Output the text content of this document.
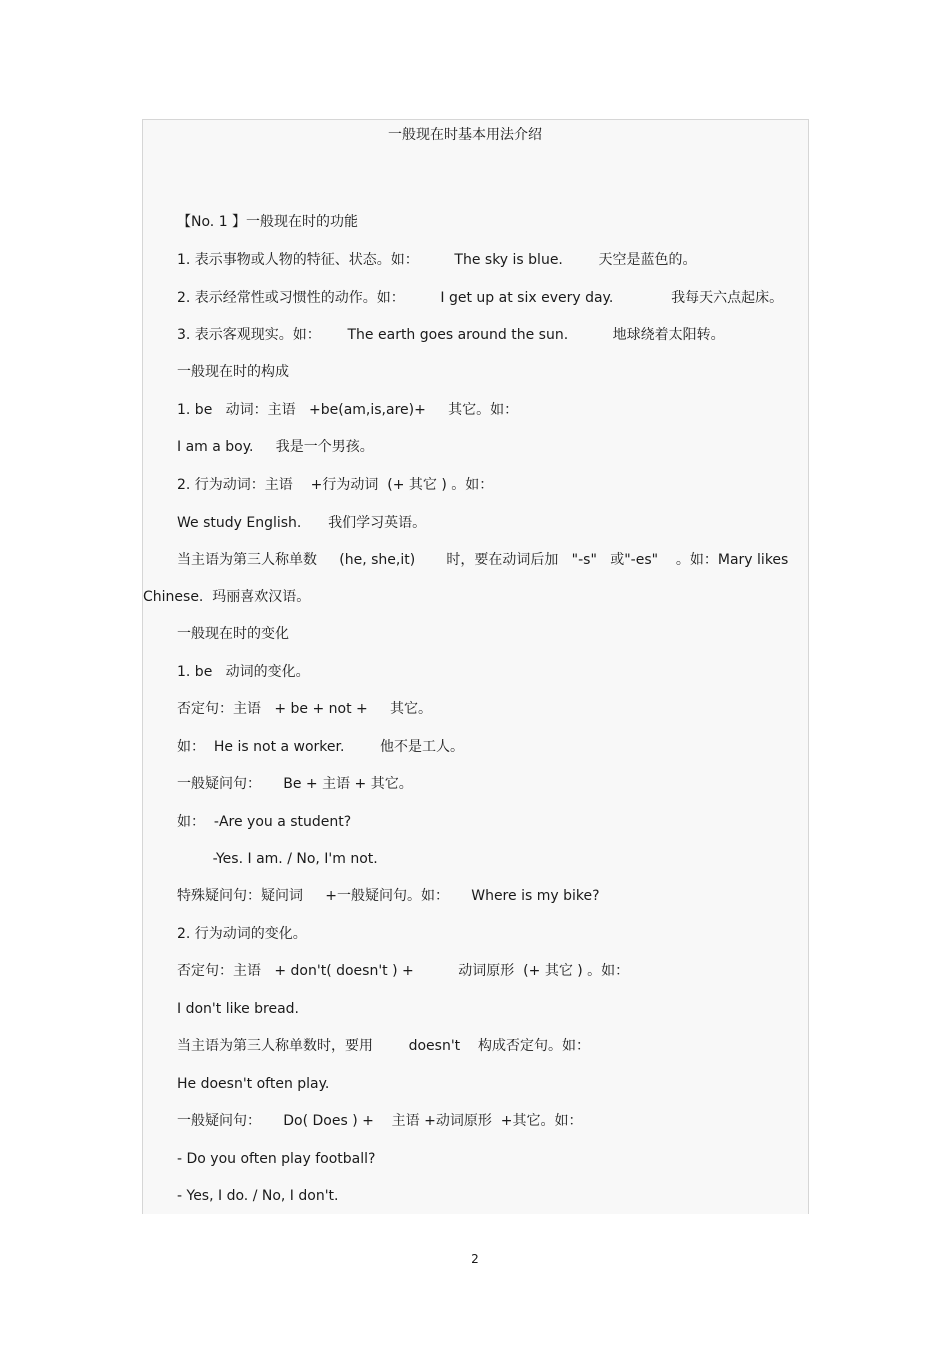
一般现在时基本用法介绍
【No. 1 】一般现在时的功能
1. 表示事物或人物的特征、状态。如：        The sky is blue.        天空是蓝色的。
2. 表示经常性或习惯性的动作。如：        I get up at six every day.             我每天六点起床。
3. 表示客观现实。如：      The earth goes around the sun.          地球绕着太阳转。
一般现在时的构成
1. be   动词：主语   +be(am,is,are)+     其它。如：
I am a boy.     我是一个男孩。
2. 行为动词：主语    +行为动词  (+ 其它 ) 。如：
We study English.      我们学习英语。
当主语为第三人称单数     (he, she,it)       时，要在动词后加   "-s"   或"-es"    。如：Mary likes
Chinese.  玛丽喜欢汉语。
一般现在时的变化
1. be   动词的变化。
否定句：主语   + be + not +     其它。
如：  He is not a worker.        他不是工人。
一般疑问句：     Be + 主语 + 其它。
如：  -Are you a student?
-Yes. I am. / No, I'm not.
特殊疑问句：疑问词     +一般疑问句。如：     Where is my bike?
2. 行为动词的变化。
否定句：主语   + don't( doesn't ) +          动词原形  (+ 其它 ) 。如：
I don't like bread.
当主语为第三人称单数时，要用        doesn't    构成否定句。如：
He doesn't often play.
一般疑问句：     Do( Does ) +    主语 +动词原形  +其它。如：
- Do you often play football?
- Yes, I do. / No, I don't.
2
